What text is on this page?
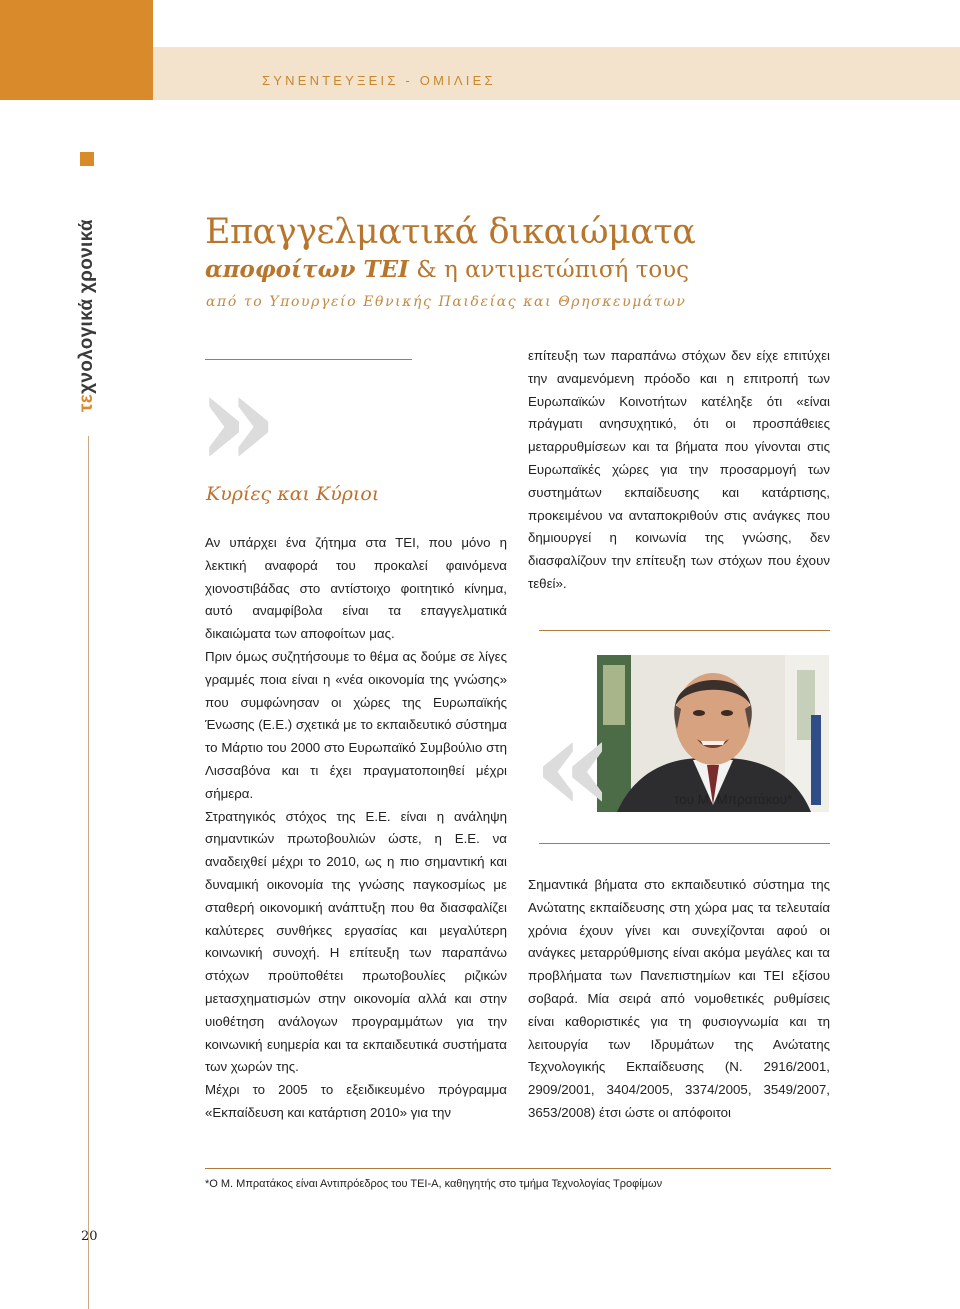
ΣΥΝΕΝΤΕΥΞΕΙΣ - ΟΜΙΛΙΕΣ
τεχνολογικά χρονικά
20
Επαγγελματικά δικαιώματα
αποφοίτων ΤΕΙ & η αντιμετώπισή τους
από το Υπουργείο Εθνικής Παιδείας και Θρησκευμάτων
»
Κυρίες και Κύριοι

Αν υπάρχει ένα ζήτημα στα ΤΕΙ, που μόνο η λεκτική αναφορά του προκαλεί φαινόμενα χιονοστιβάδας στο αντίστοιχο φοιτητικό κίνημα, αυτό αναμφίβολα είναι τα επαγγελματικά δικαιώματα των αποφοίτων μας.

Πριν όμως συζητήσουμε το θέμα ας δούμε σε λίγες γραμμές ποια είναι η «νέα οικονομία της γνώσης» που συμφώνησαν οι χώρες της Ευρωπαϊκής Ένωσης (Ε.Ε.) σχετικά με το εκπαιδευτικό σύστημα το Μάρτιο του 2000 στο Ευρωπαϊκό Συμβούλιο στη Λισσαβόνα και τι έχει πραγματοποιηθεί μέχρι σήμερα.

Στρατηγικός στόχος της Ε.Ε. είναι η ανάληψη σημαντικών πρωτοβουλιών ώστε, η Ε.Ε. να αναδειχθεί μέχρι το 2010, ως η πιο σημαντική και δυναμική οικονομία της γνώσης παγκοσμίως με σταθερή οικονομική ανάπτυξη που θα διασφαλίζει καλύτερες συνθήκες εργασίας και μεγαλύτερη κοινωνική συνοχή. Η επίτευξη των παραπάνω στόχων προϋποθέτει πρωτοβουλίες ριζικών μετασχηματισμών στην οικονομία αλλά και στην υιοθέτηση ανάλογων προγραμμάτων για την κοινωνική ευημερία και τα εκπαιδευτικά συστήματα των χωρών της.

Μέχρι το 2005 το εξειδικευμένο πρόγραμμα «Εκπαίδευση και κατάρτιση 2010» για την

επίτευξη των παραπάνω στόχων δεν είχε επιτύχει την αναμενόμενη πρόοδο και η επιτροπή των Ευρωπαϊκών Κοινοτήτων κατέληξε ότι «είναι πράγματι ανησυχητικό, ότι οι προσπάθειες μεταρρυθμίσεων και τα βήματα που γίνονται στις Ευρωπαϊκές χώρες για την προσαρμογή των συστημάτων εκπαίδευσης και κατάρτισης, προκειμένου να ανταποκριθούν στις ανάγκες που δημιουργεί η κοινωνία της γνώσης, δεν διασφαλίζουν την επίτευξη των στόχων που έχουν τεθεί».
«	του Μ. Μπρατάκου*
Σημαντικά βήματα στο εκπαιδευτικό σύστημα της Ανώτατης εκπαίδευσης στη χώρα μας τα τελευταία χρόνια έχουν γίνει και συνεχίζονται αφού οι ανάγκες μεταρρύθμισης είναι ακόμα μεγάλες και τα προβλήματα των Πανεπιστημίων και ΤΕΙ εξίσου σοβαρά. Μία σειρά από νομοθετικές ρυθμίσεις είναι καθοριστικές για τη φυσιογνωμία και τη λειτουργία των Ιδρυμάτων της Ανώτατης Τεχνολογικής Εκπαίδευσης (Ν. 2916/2001, 2909/2001, 3404/2005, 3374/2005, 3549/2007, 3653/2008) έτσι ώστε οι απόφοιτοι
*Ο Μ. Μπρατάκος είναι Αντιπρόεδρος του ΤΕΙ-Α, καθηγητής στο τμήμα Τεχνολογίας Τροφίμων
